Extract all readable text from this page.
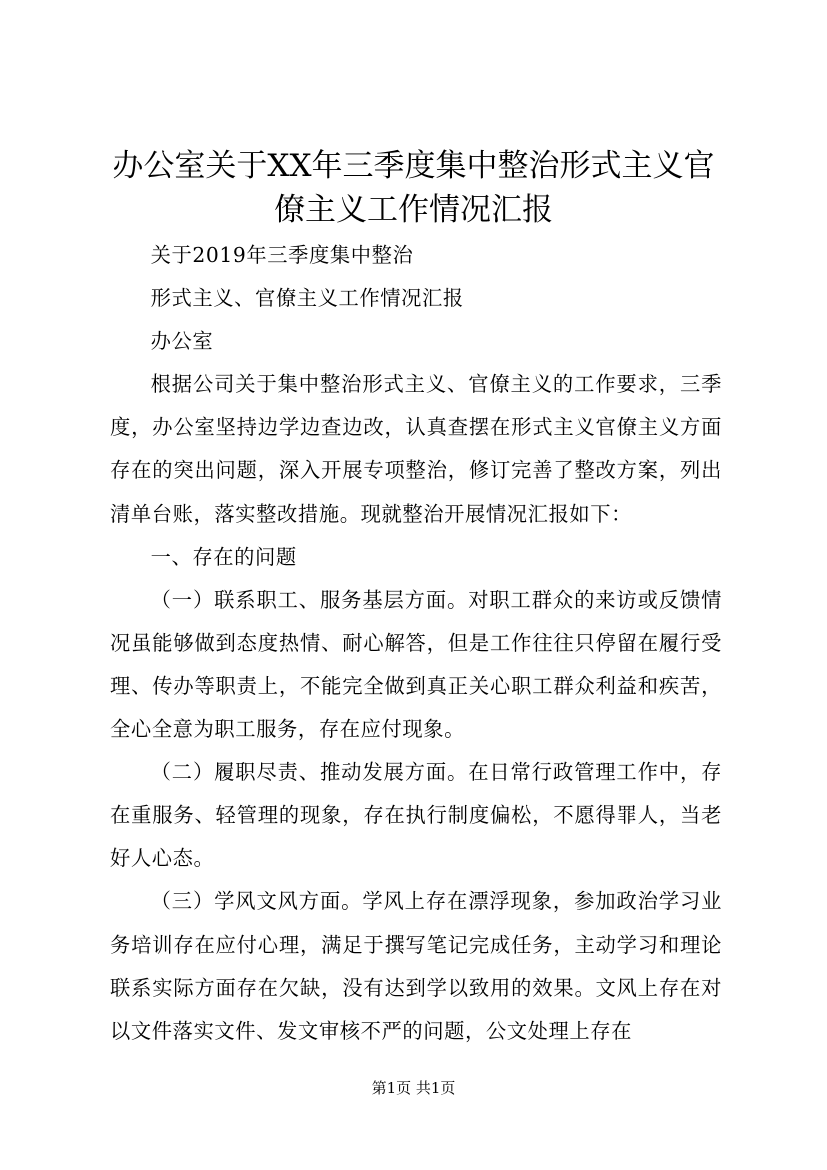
办公室关于XX年三季度集中整治形式主义官
僚主义工作情况汇报

关于2019年三季度集中整治

形式主义、官僚主义工作情况汇报

办公室

根据公司关于集中整治形式主义、官僚主义的工作要求，三季度，办公室坚持边学边查边改，认真查摆在形式主义官僚主义方面存在的突出问题，深入开展专项整治，修订完善了整改方案，列出清单台账，落实整改措施。现就整治开展情况汇报如下：

一、存在的问题

（一）联系职工、服务基层方面。对职工群众的来访或反馈情况虽能够做到态度热情、耐心解答，但是工作往往只停留在履行受理、传办等职责上，不能完全做到真正关心职工群众利益和疾苦，全心全意为职工服务，存在应付现象。

（二）履职尽责、推动发展方面。在日常行政管理工作中，存在重服务、轻管理的现象，存在执行制度偏松，不愿得罪人，当老好人心态。

（三）学风文风方面。学风上存在漂浮现象，参加政治学习业务培训存在应付心理，满足于撰写笔记完成任务，主动学习和理论联系实际方面存在欠缺，没有达到学以致用的效果。文风上存在对以文件落实文件、发文审核不严的问题，公文处理上存在

第1页 共1页
